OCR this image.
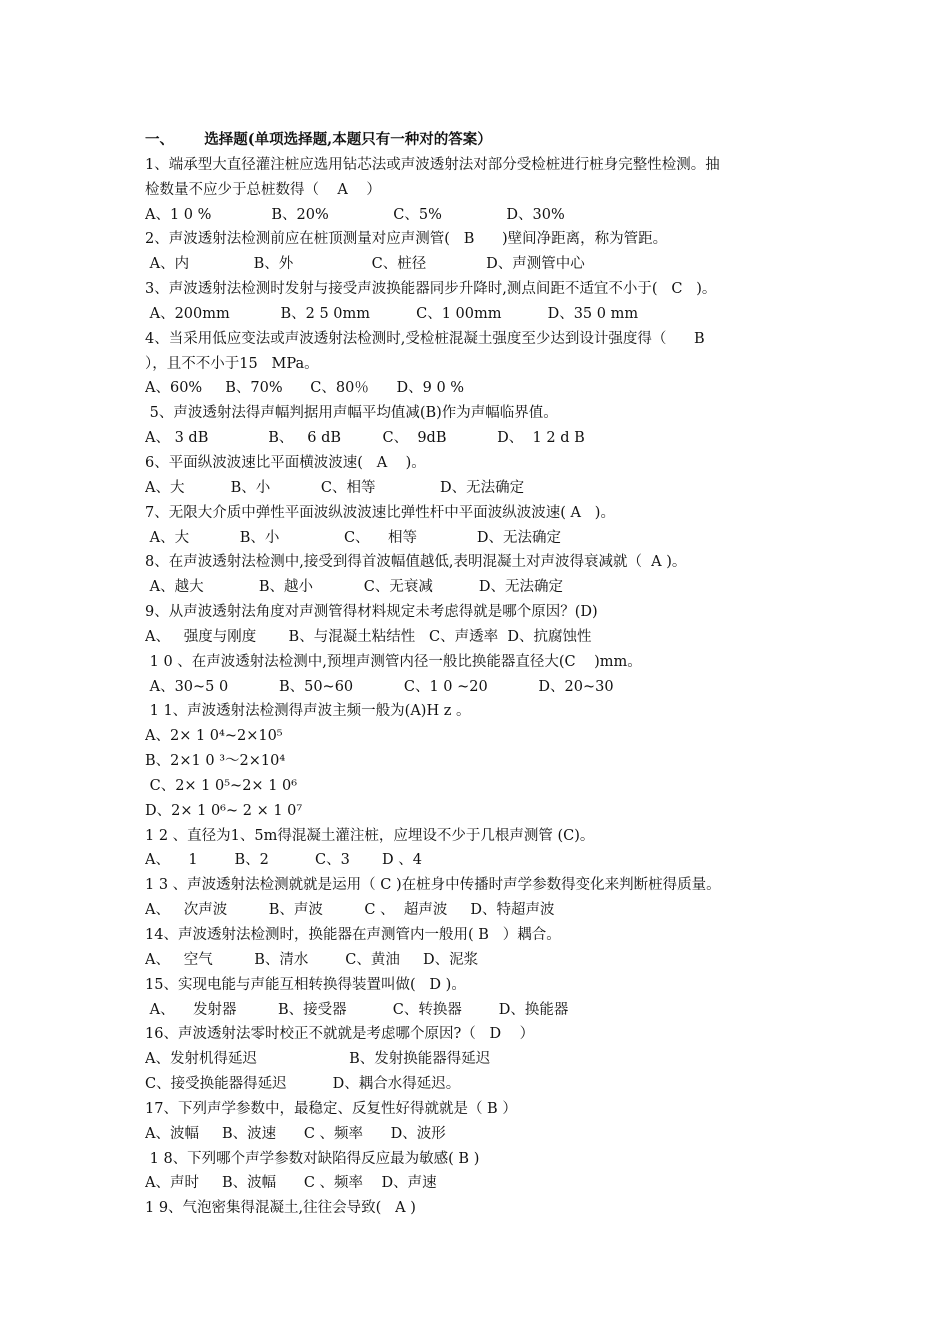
一、      选择题(单项选择题,本题只有一种对的答案）
1、端承型大直径灌注桩应选用钻芯法或声波透射法对部分受检桩进行桩身完整性检测。抽
检数量不应少于总桩数得（    A    ）
A、1 0 %             B、20%              C、5%              D、30%
2、声波透射法检测前应在桩顶测量对应声测管(   B      )壁间净距离，称为管距。
A、内              B、外                 C、桩径             D、声测管中心
3、声波透射法检测时发射与接受声波换能器同步升降时,测点间距不适宜不小于(   C   )。
A、200mm           B、2 5 0mm          C、1 00mm          D、35 0 mm
4、当采用低应变法或声波透射法检测时,受检桩混凝土强度至少达到设计强度得（      B
），且不不小于15   MPa。
A、60%     B、70%      C、80％      D、9 0 %
5、声波透射法得声幅判据用声幅平均值减(B)作为声幅临界值。
A、 3 dB             B、   6 dB         C、  9dB           D、  1 2 d B
6、平面纵波波速比平面横波波速(   A    )。
A、大          B、小           C、相等              D、无法确定
7、无限大介质中弹性平面波纵波波速比弹性杆中平面波纵波波速( A   )。
A、大           B、小              C、    相等             D、无法确定
8、在声波透射法检测中,接受到得首波幅值越低,表明混凝土对声波得衰减就（  A )。
A、越大            B、越小           C、无衰减          D、无法确定
9、从声波透射法角度对声测管得材料规定未考虑得就是哪个原因？(D)
A、   强度与刚度       B、与混凝土粘结性   C、声透率  D、抗腐蚀性
1 0 、在声波透射法检测中,预埋声测管内径一般比换能器直径大(C    )mm。
A、30~5 0           B、50~60           C、1 0 ~20           D、20~30
1 1、声波透射法检测得声波主频一般为(A)H z 。
A、2× 1 0⁴~2×10⁵
B、2×1 0 ³～2×10⁴
C、2× 1 0⁵~2× 1 0⁶
D、2× 1 0⁶~ 2 × 1 0⁷
1 2 、直径为1、5m得混凝土灌注桩，应埋设不少于几根声测管 (C)。
A、    1        B、2          C、3       D 、4
1 3 、声波透射法检测就就是运用（ C )在桩身中传播时声学参数得变化来判断桩得质量。
A、   次声波         B、声波         C 、  超声波     D、特超声波
14、声波透射法检测时，换能器在声测管内一般用( B   ）耦合。
A、   空气         B、清水        C、黄油     D、泥浆
15、实现电能与声能互相转换得装置叫做(   D )。
A、    发射器         B、接受器          C、转换器        D、换能器
16、声波透射法零时校正不就就是考虑哪个原因?（   D    ）
A、发射机得延迟                    B、发射换能器得延迟
C、接受换能器得延迟          D、耦合水得延迟。
17、下列声学参数中，最稳定、反复性好得就就是（ B ）
A、波幅     B、波速      C 、频率      D、波形
1 8、下列哪个声学参数对缺陷得反应最为敏感( B )
A、声时     B、波幅      C 、频率    D、声速
1 9、气泡密集得混凝土,往往会导致(   A )
